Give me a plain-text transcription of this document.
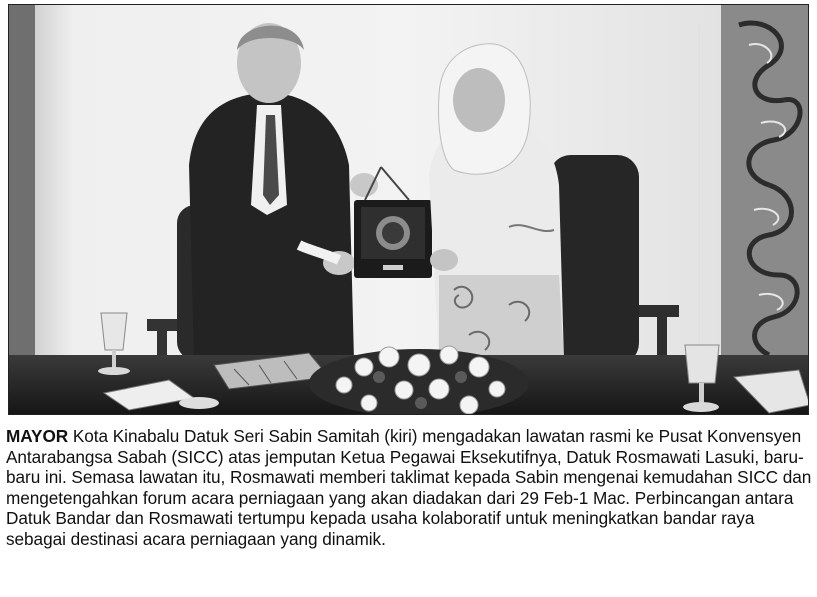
MAYOR Kota Kinabalu Datuk Seri Sabin Samitah (kiri) mengadakan lawatan rasmi ke Pusat Konvensyen Antarabangsa Sabah (SICC) atas jemputan Ketua Pegawai Eksekutifnya, Datuk Rosmawati Lasuki, baru-baru ini. Semasa lawatan itu, Rosmawati memberi taklimat kepada Sabin mengenai kemudahan SICC dan mengetengahkan forum acara perniagaan yang akan diadakan dari 29 Feb-1 Mac. Perbincangan antara Datuk Bandar dan Rosmawati tertumpu kepada usaha kolaboratif untuk meningkatkan bandar raya sebagai destinasi acara perniagaan yang dinamik.
